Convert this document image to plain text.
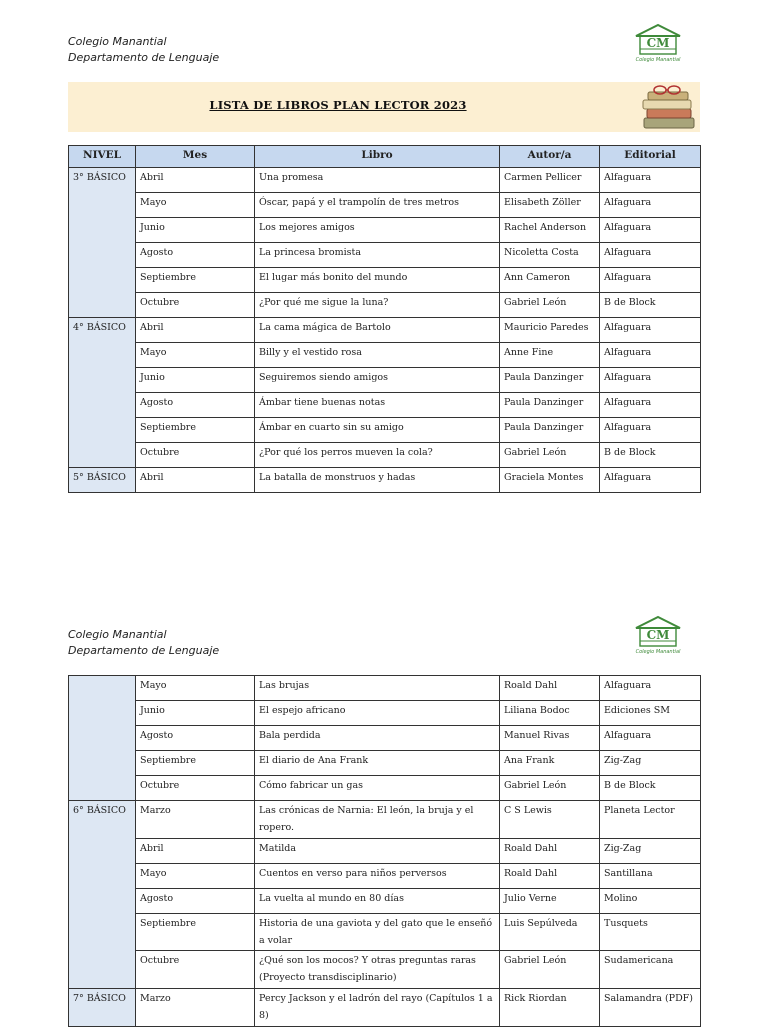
Colegio Manantial
Departamento de Lenguaje
CM
Colegio Manantial
LISTA DE LIBROS PLAN LECTOR 2023
NIVEL	Mes	Libro	Autor/a	Editorial
3° BÁSICO	Abril	Una promesa	Carmen Pellicer	Alfaguara
	Mayo	Óscar, papá y el trampolín de tres metros	Elisabeth Zöller	Alfaguara
	Junio	Los mejores amigos	Rachel Anderson	Alfaguara
	Agosto	La princesa bromista	Nicoletta Costa	Alfaguara
	Septiembre	El lugar más bonito del mundo	Ann Cameron	Alfaguara
	Octubre	¿Por qué me sigue la luna?	Gabriel León	B de Block
4° BÁSICO	Abril	La cama mágica de Bartolo	Mauricio Paredes	Alfaguara
	Mayo	Billy y el vestido rosa	Anne Fine	Alfaguara
	Junio	Seguiremos siendo amigos	Paula Danzinger	Alfaguara
	Agosto	Ámbar tiene buenas notas	Paula Danzinger	Alfaguara
	Septiembre	Ámbar en cuarto sin su amigo	Paula Danzinger	Alfaguara
	Octubre	¿Por qué los perros mueven la cola?	Gabriel León	B de Block
5° BÁSICO	Abril	La batalla de monstruos y hadas	Graciela Montes	Alfaguara
Colegio Manantial
Departamento de Lenguaje
CM
Colegio Manantial
	Mayo	Las brujas	Roald Dahl	Alfaguara
	Junio	El espejo africano	Liliana Bodoc	Ediciones SM
	Agosto	Bala perdida	Manuel Rivas	Alfaguara
	Septiembre	El diario de Ana Frank	Ana Frank	Zig-Zag
	Octubre	Cómo fabricar un gas	Gabriel León	B de Block
6° BÁSICO	Marzo	Las crónicas de Narnia: El león, la bruja y el ropero.	C S Lewis	Planeta Lector
	Abril	Matilda	Roald Dahl	Zig-Zag
	Mayo	Cuentos en verso para niños perversos	Roald Dahl	Santillana
	Agosto	La vuelta al mundo en 80 días	Julio Verne	Molino
	Septiembre	Historia de una gaviota y del gato que le enseñó a volar	Luis Sepúlveda	Tusquets
	Octubre	¿Qué son los mocos? Y otras preguntas raras (Proyecto transdisciplinario)	Gabriel León	Sudamericana
7° BÁSICO	Marzo	Percy Jackson y el ladrón del rayo (Capítulos 1 a 8)	Rick Riordan	Salamandra (PDF)
